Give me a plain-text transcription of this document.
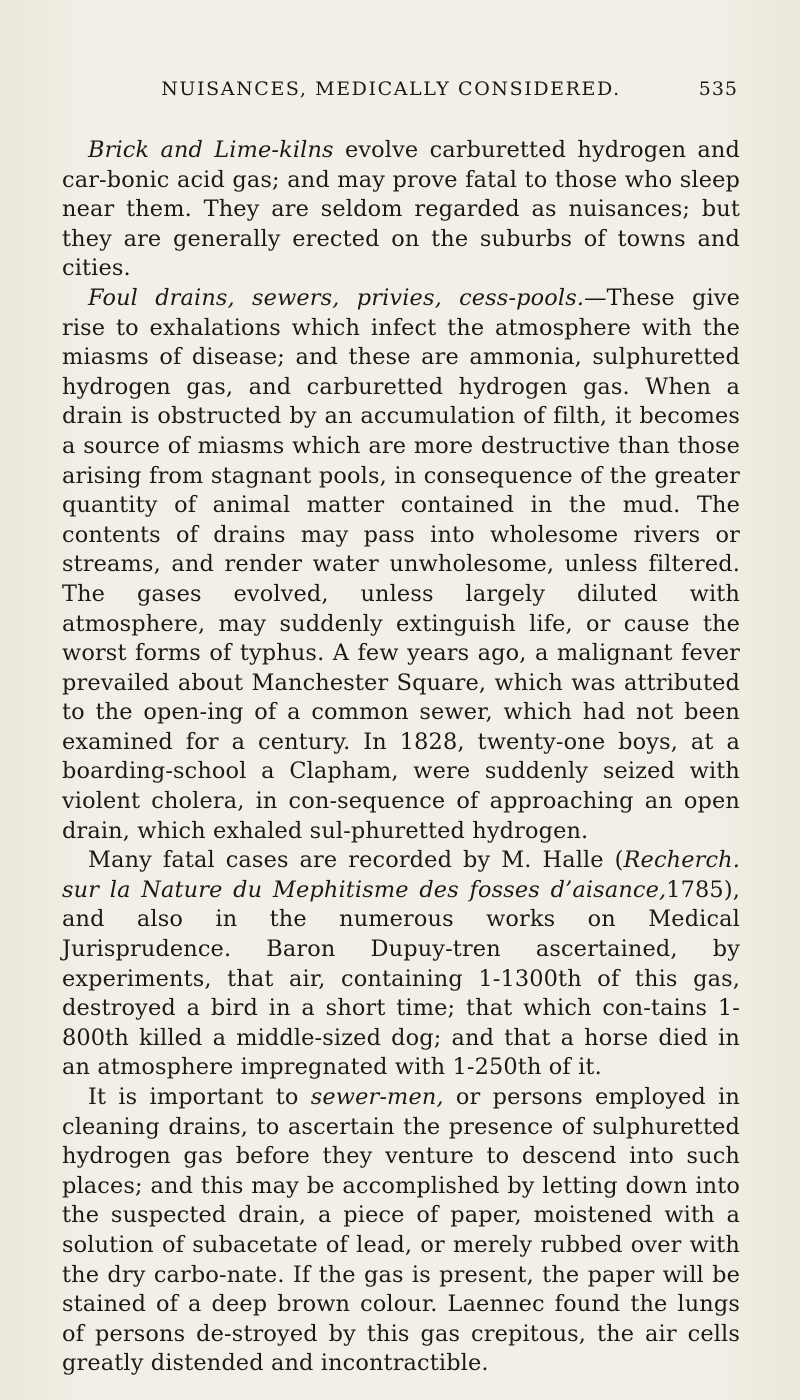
NUISANCES, MEDICALLY CONSIDERED.	535

Brick and Lime-kilns evolve carburetted hydrogen and car-bonic acid gas; and may prove fatal to those who sleep near them. They are seldom regarded as nuisances; but they are generally erected on the suburbs of towns and cities.

Foul drains, sewers, privies, cess-pools.—These give rise to exhalations which infect the atmosphere with the miasms of disease; and these are ammonia, sulphuretted hydrogen gas, and carburetted hydrogen gas. When a drain is obstructed by an accumulation of filth, it becomes a source of miasms which are more destructive than those arising from stagnant pools, in consequence of the greater quantity of animal matter contained in the mud. The contents of drains may pass into wholesome rivers or streams, and render water unwholesome, unless filtered. The gases evolved, unless largely diluted with atmosphere, may suddenly extinguish life, or cause the worst forms of typhus. A few years ago, a malignant fever prevailed about Manchester Square, which was attributed to the open-ing of a common sewer, which had not been examined for a century. In 1828, twenty-one boys, at a boarding-school a Clapham, were suddenly seized with violent cholera, in con-sequence of approaching an open drain, which exhaled sul-phuretted hydrogen.

Many fatal cases are recorded by M. Halle (Recherch. sur la Nature du Mephitisme des fosses d’aisance,1785), and also in the numerous works on Medical Jurisprudence. Baron Dupuy-tren ascertained, by experiments, that air, containing 1-1300th of this gas, destroyed a bird in a short time; that which con-tains 1-800th killed a middle-sized dog; and that a horse died in an atmosphere impregnated with 1-250th of it.

It is important to sewer-men, or persons employed in cleaning drains, to ascertain the presence of sulphuretted hydrogen gas before they venture to descend into such places; and this may be accomplished by letting down into the suspected drain, a piece of paper, moistened with a solution of subacetate of lead, or merely rubbed over with the dry carbo-nate. If the gas is present, the paper will be stained of a deep brown colour. Laennec found the lungs of persons de-stroyed by this gas crepitous, the air cells greatly distended and incontractible.
